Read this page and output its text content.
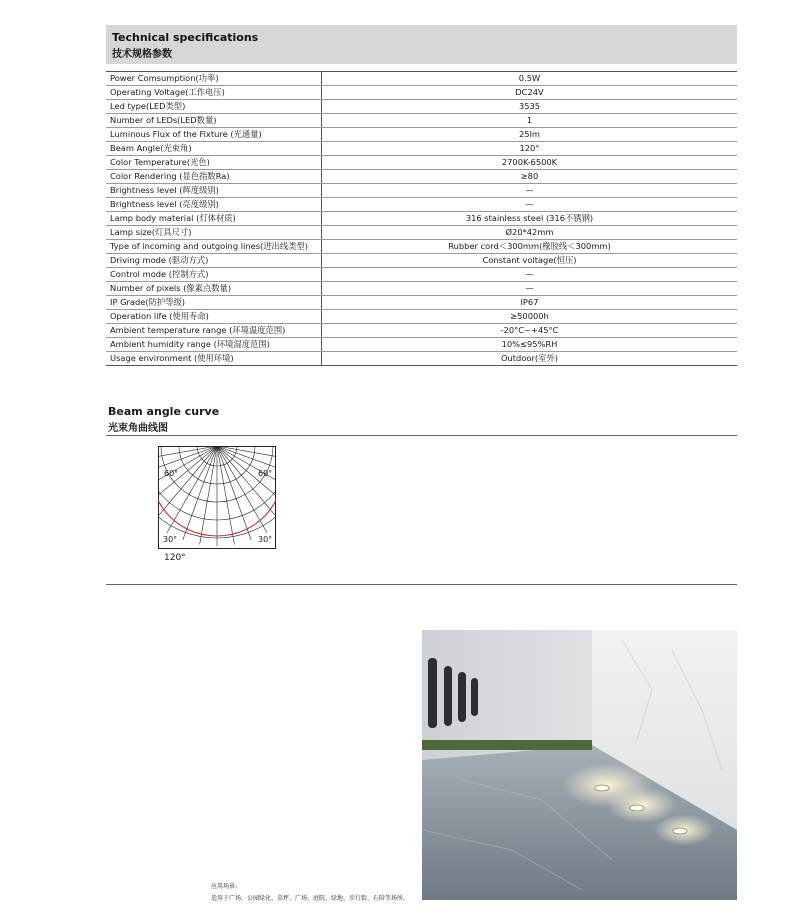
Technical specifications
技术规格参数
Power Comsumption(功率)	0.5W
Operating Voltage(工作电压)	DC24V
Led type(LED类型)	3535
Number of LEDs(LED数量)	1
Luminous Flux of the Fixture (光通量)	25lm
Beam Angle(光束角)	120°
Color Temperature(光色)	2700K-6500K
Color Rendering (显色指数Ra)	≥80
Brightness level (辉度级别)	—
Brightness level (亮度级别)	—
Lamp body material (灯体材质)	316 stainless steel (316不锈钢)
Lamp size(灯具尺寸)	Ø20*42mm
Type of incoming and outgoing lines(进出线类型)	Rubber cord＜300mm(橡胶线＜300mm)
Driving mode (驱动方式)	Constant voltage(恒压)
Control mode (控制方式)	—
Number of pixels (像素点数量)	—
IP Grade(防护等级)	IP67
Operation life (使用寿命)	≥50000h
Ambient temperature range (环境温度范围)	-20°C~+45°C
Ambient humidity range (环境湿度范围)	10%≤95%RH
Usage environment (使用环境)	Outdoor(室外)
Beam angle curve
光束角曲线图
60°	60°
30°	30°
120°
应用场景:
适用于广场、公园绿化、草坪、广场、庭院、绿地、步行街、石阶等场所。
